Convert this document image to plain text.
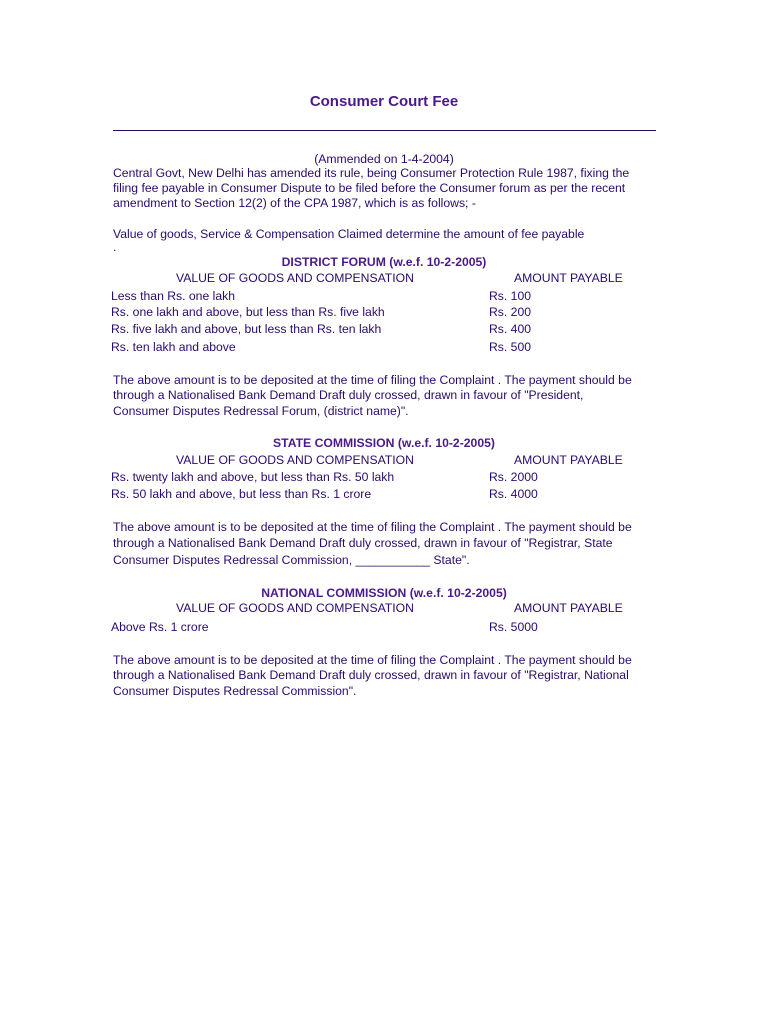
Consumer Court Fee
(Ammended on 1-4-2004)
Central Govt, New Delhi has amended its rule, being Consumer Protection Rule 1987, fixing the
filing fee payable in Consumer Dispute to be filed before the Consumer forum as per the recent
amendment to Section 12(2) of the CPA 1987, which is as follows; -
Value of goods, Service & Compensation Claimed determine the amount of fee payable
.
DISTRICT FORUM (w.e.f. 10-2-2005)
VALUE OF GOODS AND COMPENSATION	AMOUNT PAYABLE
Less than Rs. one lakh	Rs. 100
Rs. one lakh and above, but less than Rs. five lakh	Rs. 200
Rs. five lakh and above, but less than Rs. ten lakh	Rs. 400
Rs. ten lakh and above	Rs. 500
The above amount is to be deposited at the time of filing the Complaint . The payment should be
through a Nationalised Bank Demand Draft duly crossed, drawn in favour of "President,
Consumer Disputes Redressal Forum, (district name)".
STATE COMMISSION (w.e.f. 10-2-2005)
VALUE OF GOODS AND COMPENSATION	AMOUNT PAYABLE
Rs. twenty lakh and above, but less than Rs. 50 lakh	Rs. 2000
Rs. 50 lakh and above, but less than Rs. 1 crore	Rs. 4000
The above amount is to be deposited at the time of filing the Complaint . The payment should be
through a Nationalised Bank Demand Draft duly crossed, drawn in favour of "Registrar, State
Consumer Disputes Redressal Commission, ___________ State".
NATIONAL COMMISSION (w.e.f. 10-2-2005)
VALUE OF GOODS AND COMPENSATION	AMOUNT PAYABLE
Above Rs. 1 crore	Rs. 5000
The above amount is to be deposited at the time of filing the Complaint . The payment should be
through a Nationalised Bank Demand Draft duly crossed, drawn in favour of "Registrar, National
Consumer Disputes Redressal Commission".
